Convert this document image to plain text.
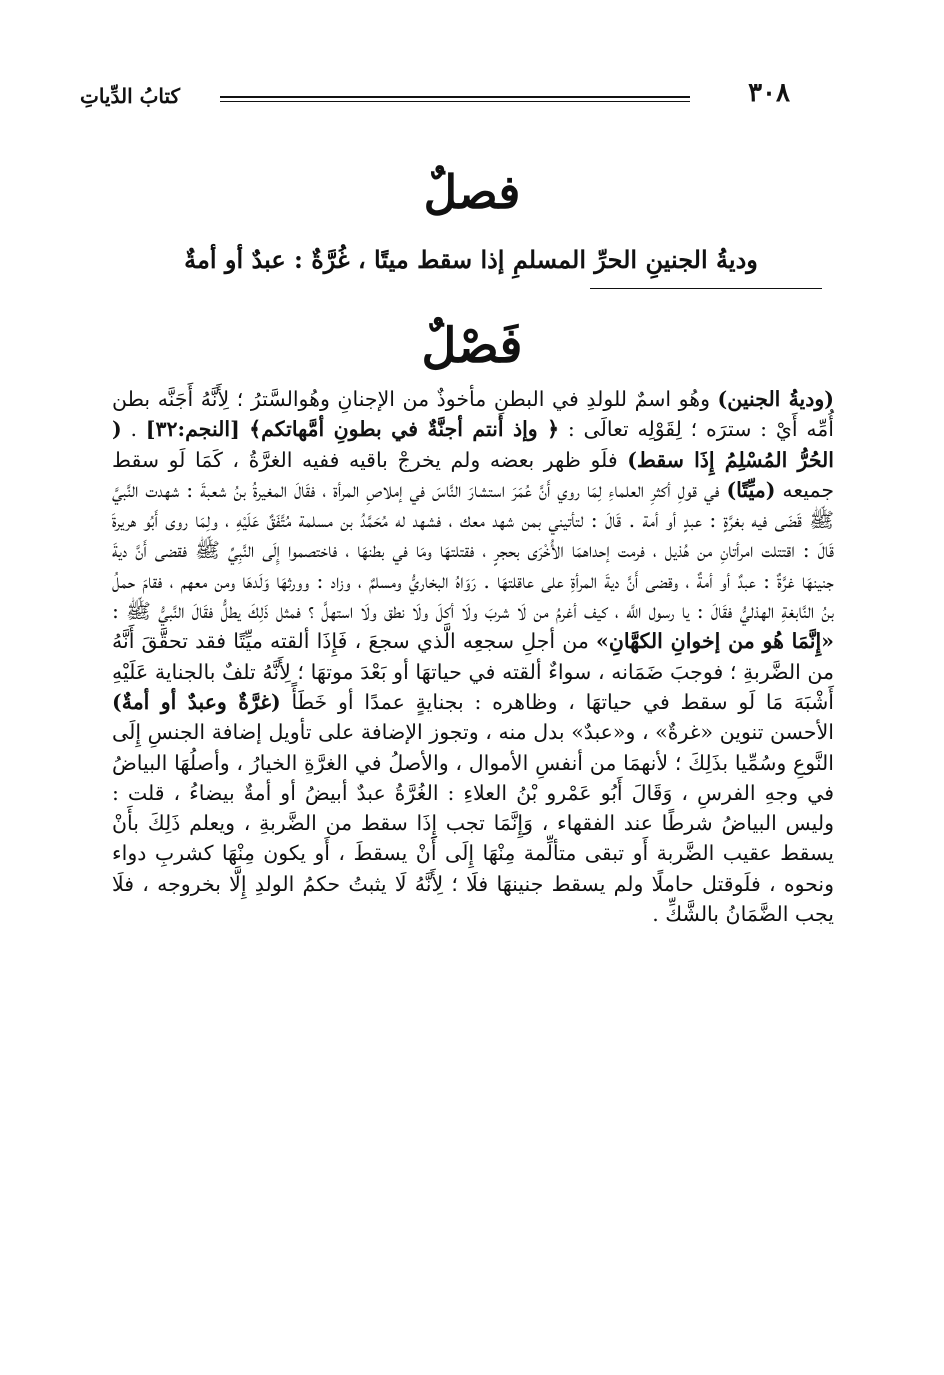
٣٠٨
كتابُ الدِّياتِ
فصلٌ
وديةُ الجنينِ الحرِّ المسلمِ إذا سقط ميتًا ، غُرَّةٌ : عبدٌ أو أمةٌ
فَصْلٌ

(وديةُ الجنين) وهُو اسمٌ للولدِ في البطنِ مأخوذٌ من الإجنانِ وهُوالسَّترُ ؛ لِأَنَّهُ أَجَنَّه بطن أُمِّه أَيْ : سترَه ؛ لِقَوْلِه تعالَى : ﴿ وإذ أنتم أجنَّةٌ في بطونِ أمَّهاتكم﴾ [النجم:٣٢] . ( الحُرُّ المُسْلِمُ إِذَا سقط) فلَو ظهر بعضه ولم يخرجْ باقيه ففيه الغرَّةُ ، كَمَا لَو سقط جميعه (ميِّتًا) في قولِ أكثرِ العلماءِ لِمَا روي أَنَّ عُمَرَ استشارَ النَّاسَ في إملاصِ المرأة ، فقَالَ المغيرةُ بنُ شعبةَ : شهدت النَّبيَّ ﷺ قَضَى فيه بغرَّةٍ : عبدٍ أو أمة . قَالَ : لتأتيني بمن شهد معك ، فشهد له مُحَمَّدُ بن مسلمة مُتَّفَقٌ عَلَيْهِ ، ولِمَا روى أَبُو هريرةَ قَالَ : اقتتلت امرأتانِ من هُذيل ، فرمت إحداهمَا الأُخْرَى بحجرٍ ، فقتلتهَا ومَا في بطنهَا ، فاختصموا إِلَى النَّبِيِّ ﷺ فقضى أَنَّ ديةَ جنينهَا غرَّةٌ : عبدٌ أو أمةٌ ، وقضى أَنَّ ديةَ المرأةِ على عاقلتهَا . رَوَاهُ البخاريُّ ومسلمٌ ، وزاد : وورثهَا وَلَدهَا ومن معهم ، فقامَ حملُ بنُ النَّابغةِ الهذليُّ فقَالَ : يا رسول اللَّه ، كيف أغرمُ من لَا شربَ ولَا أكلَ ولَا نطق ولَا استهلَّ ؟ فمثل ذَلِكَ يطلُّ فقَالَ النَّبيُّ ﷺ : «إِنَّمَا هُو من إخوانِ الكهَّانِ» من أجلِ سجعِه الَّذي سجعَ ، فَإِذَا ألقته ميِّتًا فقد تحقَّقَ أَنَّهُ من الضَّربةِ ؛ فوجبَ ضَمَانه ، سواءٌ ألقته في حياتهَا أو بَعْدَ موتهَا ؛ لِأَنَّهُ تلفٌ بالجناية عَلَيْهِ أَشْبَهَ مَا لَو سقط في حياتهَا ، وظاهره : بجنايةٍ عمدًا أو خَطَأً (غرَّةٌ وعبدٌ أو أمةٌ) الأحسن تنوين «غرةٌ» ، و«عبدٌ» بدل منه ، وتجوز الإضافة على تأويل إضافة الجنسِ إِلَى النَّوعِ وسُمِّيا بذَلِكَ ؛ لأنهمَا من أنفسِ الأموال ، والأصلُ في الغرَّةِ الخيارُ ، وأصلُهَا البياضُ في وجهِ الفرسِ ، وَقَالَ أَبُو عَمْرو بْنُ العلاءِ : الغُرَّةُ عبدٌ أبيضُ أو أمةٌ بيضاءُ ، قلت : وليس البياضُ شرطًا عند الفقهاء ، وَإِنَّمَا تجب إِذَا سقط من الضَّربةِ ، ويعلم ذَلِكَ بأَنْ يسقط عقيب الضَّربة أَو تبقى متألِّمة مِنْهَا إِلَى أَنْ يسقطَ ، أَو يكون مِنْهَا كشربِ دواء ونحوه ، فلَوقتل حاملًا ولم يسقط جنينهَا فلَا ؛ لِأَنَّهُ لَا يثبتُ حكمُ الولدِ إِلَّا بخروجه ، فلَا يجب الضَّمَانُ بالشَّكِّ .
